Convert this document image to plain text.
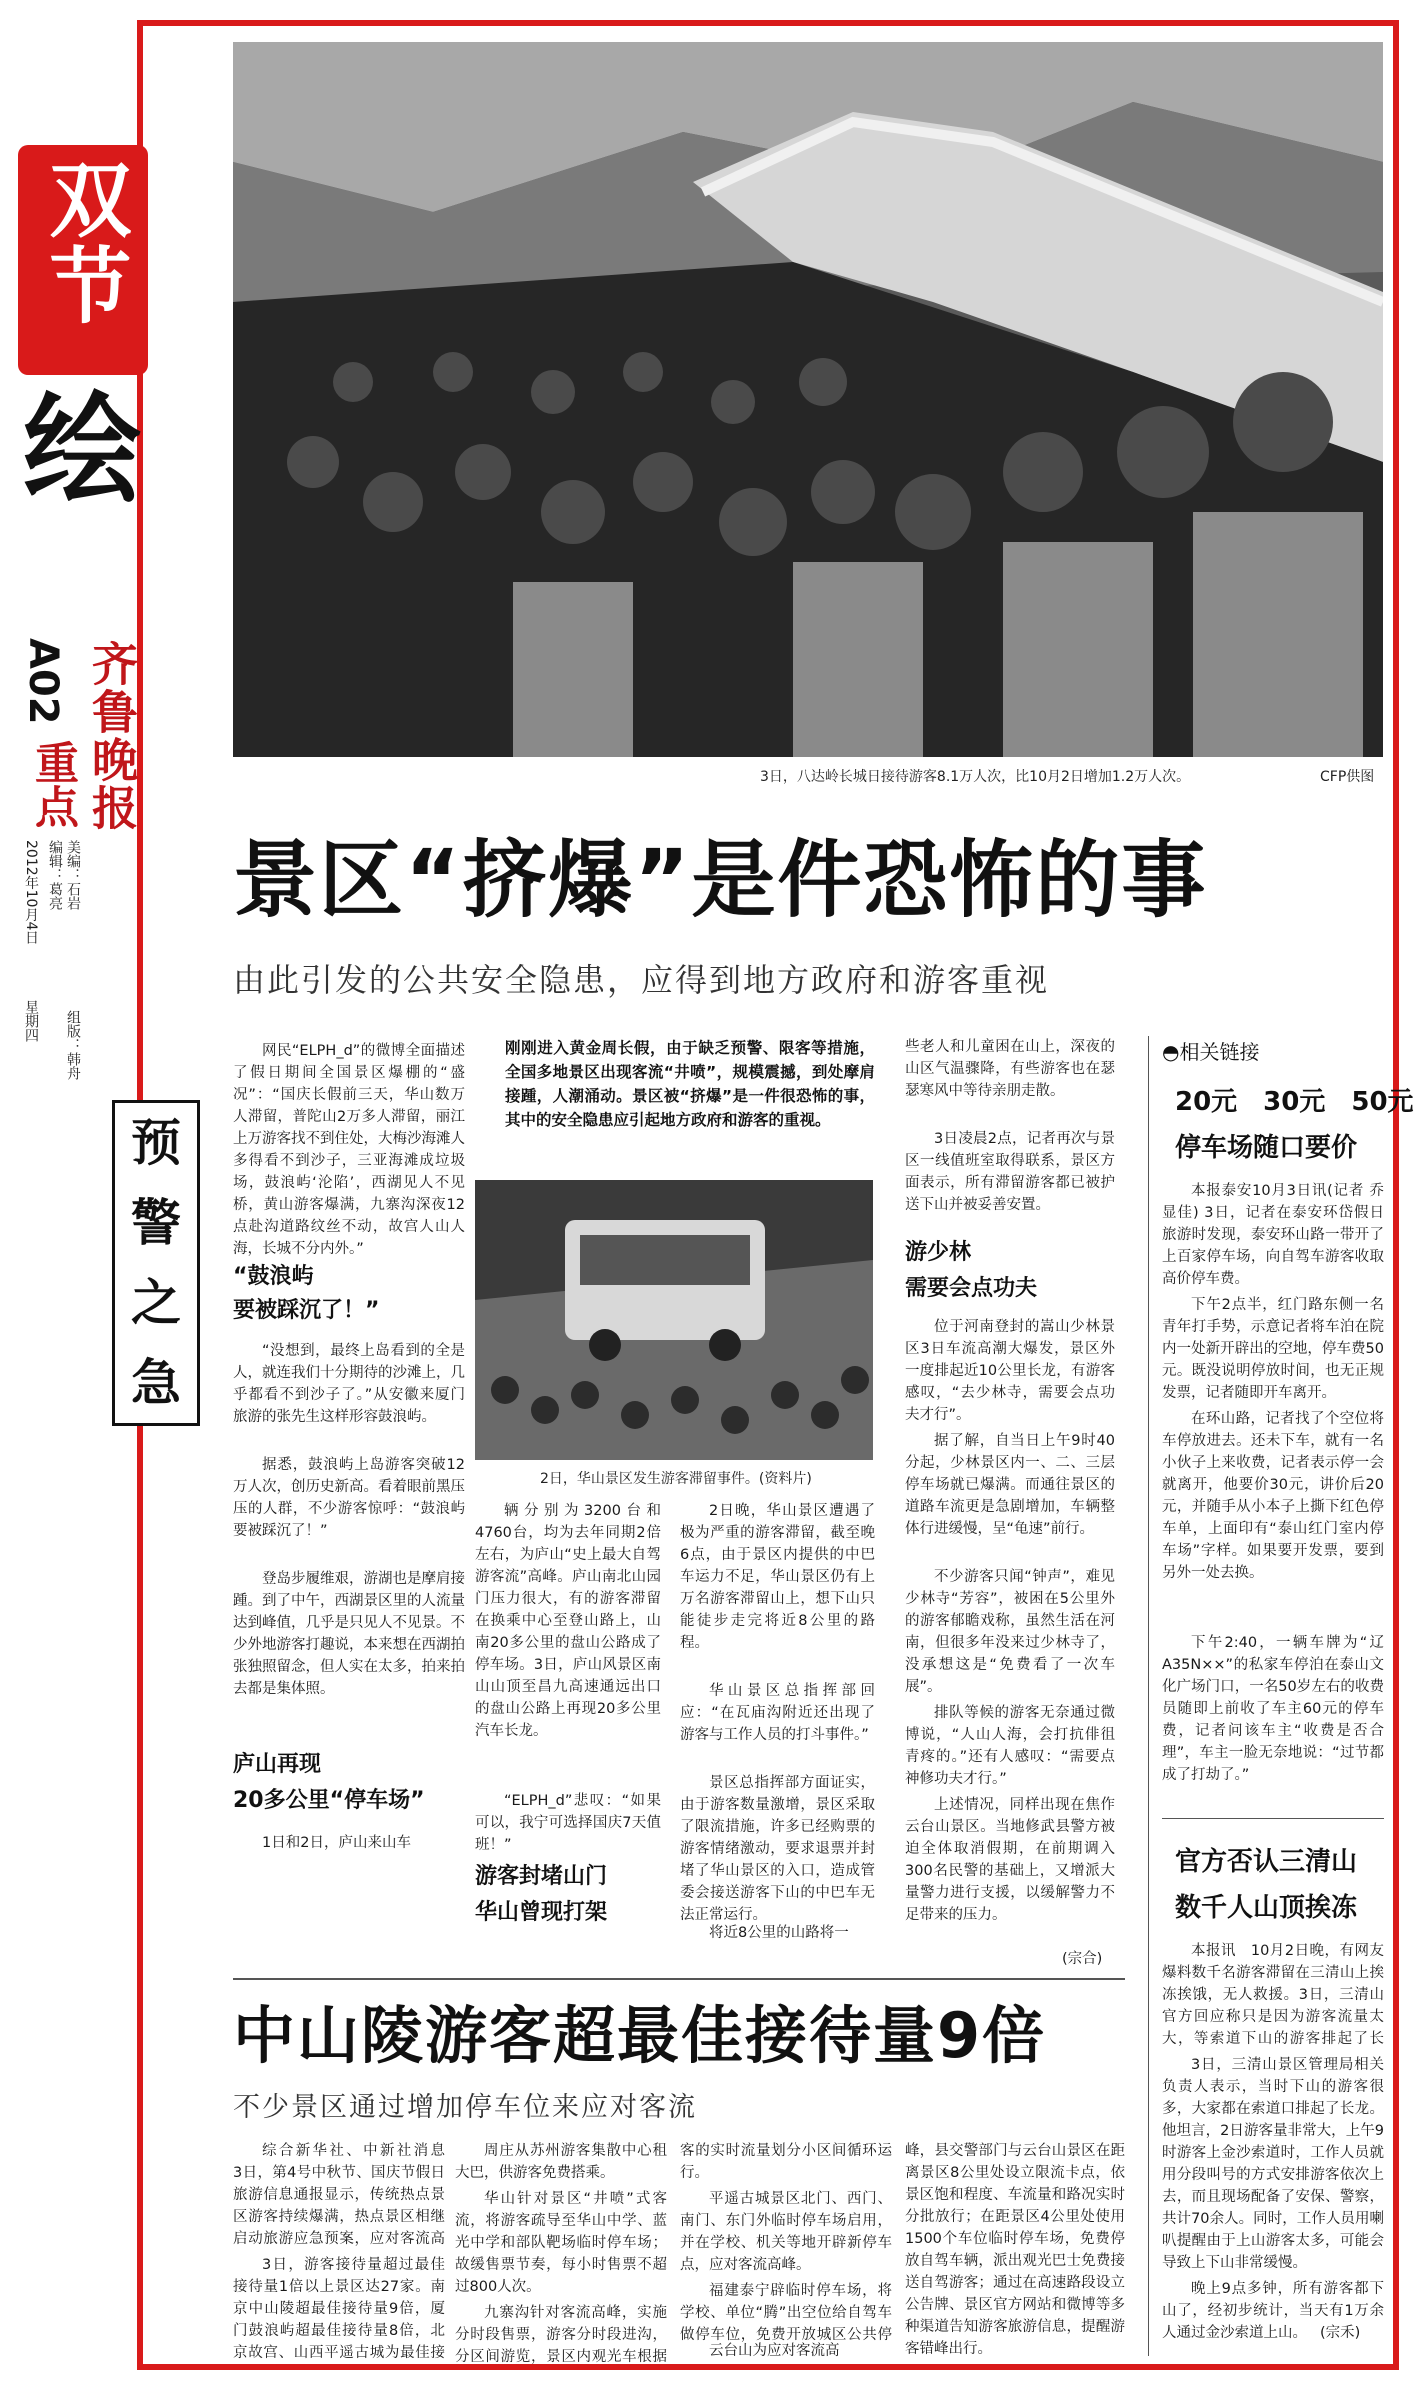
双节
绘
A02 齐鲁晚报
重点
编辑：葛亮 美编：石岩
2012年10月4日
星期四 组版：韩舟
预
警
之
急
3日，八达岭长城日接待游客8.1万人次，比10月2日增加1.2万人次。	CFP供图
景区“挤爆”是件恐怖的事
由此引发的公共安全隐患，应得到地方政府和游客重视
网民“ELPH_d”的微博全面描述了假日期间全国景区爆棚的“盛况”：“国庆长假前三天，华山数万人滞留，普陀山2万多人滞留，丽江上万游客找不到住处，大梅沙海滩人多得看不到沙子，三亚海滩成垃圾场，鼓浪屿‘沦陷’，西湖见人不见桥，黄山游客爆满，九寨沟深夜12点赴沟道路纹丝不动，故宫人山人海，长城不分内外。”
“鼓浪屿
要被踩沉了！”
“没想到，最终上岛看到的全是人，就连我们十分期待的沙滩上，几乎都看不到沙子了。”从安徽来厦门旅游的张先生这样形容鼓浪屿。
据悉，鼓浪屿上岛游客突破12万人次，创历史新高。看着眼前黑压压的人群，不少游客惊呼：“鼓浪屿要被踩沉了！”
登岛步履维艰，游湖也是摩肩接踵。到了中午，西湖景区里的人流量达到峰值，几乎是只见人不见景。不少外地游客打趣说，本来想在西湖拍张独照留念，但人实在太多，拍来拍去都是集体照。
庐山再现
20多公里“停车场”
1日和2日，庐山来山车
刚刚进入黄金周长假，由于缺乏预警、限客等措施，全国多地景区出现客流“井喷”，规模震撼，到处摩肩接踵，人潮涌动。景区被“挤爆”是一件很恐怖的事，其中的安全隐患应引起地方政府和游客的重视。
2日，华山景区发生游客滞留事件。(资料片)
辆分别为3200台和4760台，均为去年同期2倍左右，为庐山“史上最大自驾游客流”高峰。庐山南北山园门压力很大，有的游客滞留在换乘中心至登山路上，山南20多公里的盘山公路成了停车场。3日，庐山风景区南山山顶至昌九高速通远出口的盘山公路上再现20多公里汽车长龙。
“ELPH_d”悲叹：“如果可以，我宁可选择国庆7天值班！”
游客封堵山门
华山曾现打架
2日晚，华山景区遭遇了极为严重的游客滞留，截至晚6点，由于景区内提供的中巴车运力不足，华山景区仍有上万名游客滞留山上，想下山只能徒步走完将近8公里的路程。
华山景区总指挥部回应：“在瓦庙沟附近还出现了游客与工作人员的打斗事件。”
景区总指挥部方面证实，由于游客数量激增，景区采取了限流措施，许多已经购票的游客情绪激动，要求退票并封堵了华山景区的入口，造成管委会接送游客下山的中巴车无法正常运行。
将近8公里的山路将一
些老人和儿童困在山上，深夜的山区气温骤降，有些游客也在瑟瑟寒风中等待亲朋走散。
3日凌晨2点，记者再次与景区一线值班室取得联系，景区方面表示，所有滞留游客都已被护送下山并被妥善安置。
游少林
需要会点功夫
位于河南登封的嵩山少林景区3日车流高潮大爆发，景区外一度排起近10公里长龙，有游客感叹，“去少林寺，需要会点功夫才行”。
据了解，自当日上午9时40分起，少林景区内一、二、三层停车场就已爆满。而通往景区的道路车流更是急剧增加，车辆整体行进缓慢，呈“龟速”前行。
不少游客只闻“钟声”，难见少林寺“芳容”，被困在5公里外的游客郁瞻戏称，虽然生活在河南，但很多年没来过少林寺了，没承想这是“免费看了一次车展”。
排队等候的游客无奈通过微博说，“人山人海，会打抗俳徂青疼的。”还有人感叹：“需要点神修功夫才行。”
上述情况，同样出现在焦作云台山景区。当地修武县警方被迫全体取消假期，在前期调入300名民警的基础上，又增派大量警力进行支援，以缓解警力不足带来的压力。
(宗合)
◓相关链接
20元　30元　50元
停车场随口要价
本报泰安10月3日讯(记者 乔显佳) 3日，记者在泰安环岱假日旅游时发现，泰安环山路一带开了上百家停车场，向自驾车游客收取高价停车费。
下午2点半，红门路东侧一名青年打手势，示意记者将车泊在院内一处新开辟出的空地，停车费50元。既没说明停放时间，也无正规发票，记者随即开车离开。
在环山路，记者找了个空位将车停放进去。还未下车，就有一名小伙子上来收费，记者表示停一会就离开，他要价30元，讲价后20元，并随手从小本子上撕下红色停车单，上面印有“泰山红门室内停车场”字样。如果要开发票，要到另外一处去换。
下午2:40，一辆车牌为“辽A35N××”的私家车停泊在泰山文化广场门口，一名50岁左右的收费员随即上前收了车主60元的停车费，记者问该车主“收费是否合理”，车主一脸无奈地说：“过节都成了打劫了。”
官方否认三清山
数千人山顶挨冻
本报讯　10月2日晚，有网友爆料数千名游客滞留在三清山上挨冻挨饿，无人救援。3日，三清山官方回应称只是因为游客流量太大，等索道下山的游客排起了长
3日，三清山景区管理局相关负责人表示，当时下山的游客很多，大家都在索道口排起了长龙。他坦言，2日游客量非常大，上午9时游客上金沙索道时，工作人员就用分段叫号的方式安排游客依次上去，而且现场配备了安保、警察，共计70余人。同时，工作人员用喇叭提醒由于上山游客太多，可能会导致上下山非常缓慢。
晚上9点多钟，所有游客都下山了，经初步统计，当天有1万余人通过金沙索道上山。 (宗禾)
中山陵游客超最佳接待量9倍
不少景区通过增加停车位来应对客流
综合新华社、中新社消息　3日，第4号中秋节、国庆节假日旅游信息通报显示，传统热点景区游客持续爆满，热点景区相继启动旅游应急预案，应对客流高
3日，游客接待量超过最佳接待量1倍以上景区达27家。南京中山陵超最佳接待量9倍，厦门鼓浪屿超最佳接待量8倍，北京故宫、山西平遥古城为最佳接
周庄从苏州游客集散中心租大巴，供游客免费搭乘。
华山针对景区“井喷”式客流，将游客疏导至华山中学、蓝光中学和部队靶场临时停车场；故缓售票节奏，每小时售票不超过800人次。
九寨沟针对客流高峰，实施分时段售票，游客分时段进沟，分区间游览，景区内观光车根据
客的实时流量划分小区间循环运行。
平遥古城景区北门、西门、南门、东门外临时停车场启用，并在学校、机关等地开辟新停车点，应对客流高峰。
福建泰宁辟临时停车场，将学校、单位“腾”出空位给自驾车做停车位，免费开放城区公共停
云台山为应对客流高
峰，县交警部门与云台山景区在距离景区8公里处设立限流卡点，依景区饱和程度、车流量和路况实时分批放行；在距景区4公里处使用1500个车位临时停车场，免费停放自驾车辆，派出观光巴士免费接送自驾游客；通过在高速路段设立公告牌、景区官方网站和微博等多种渠道告知游客旅游信息，提醒游客错峰出行。
